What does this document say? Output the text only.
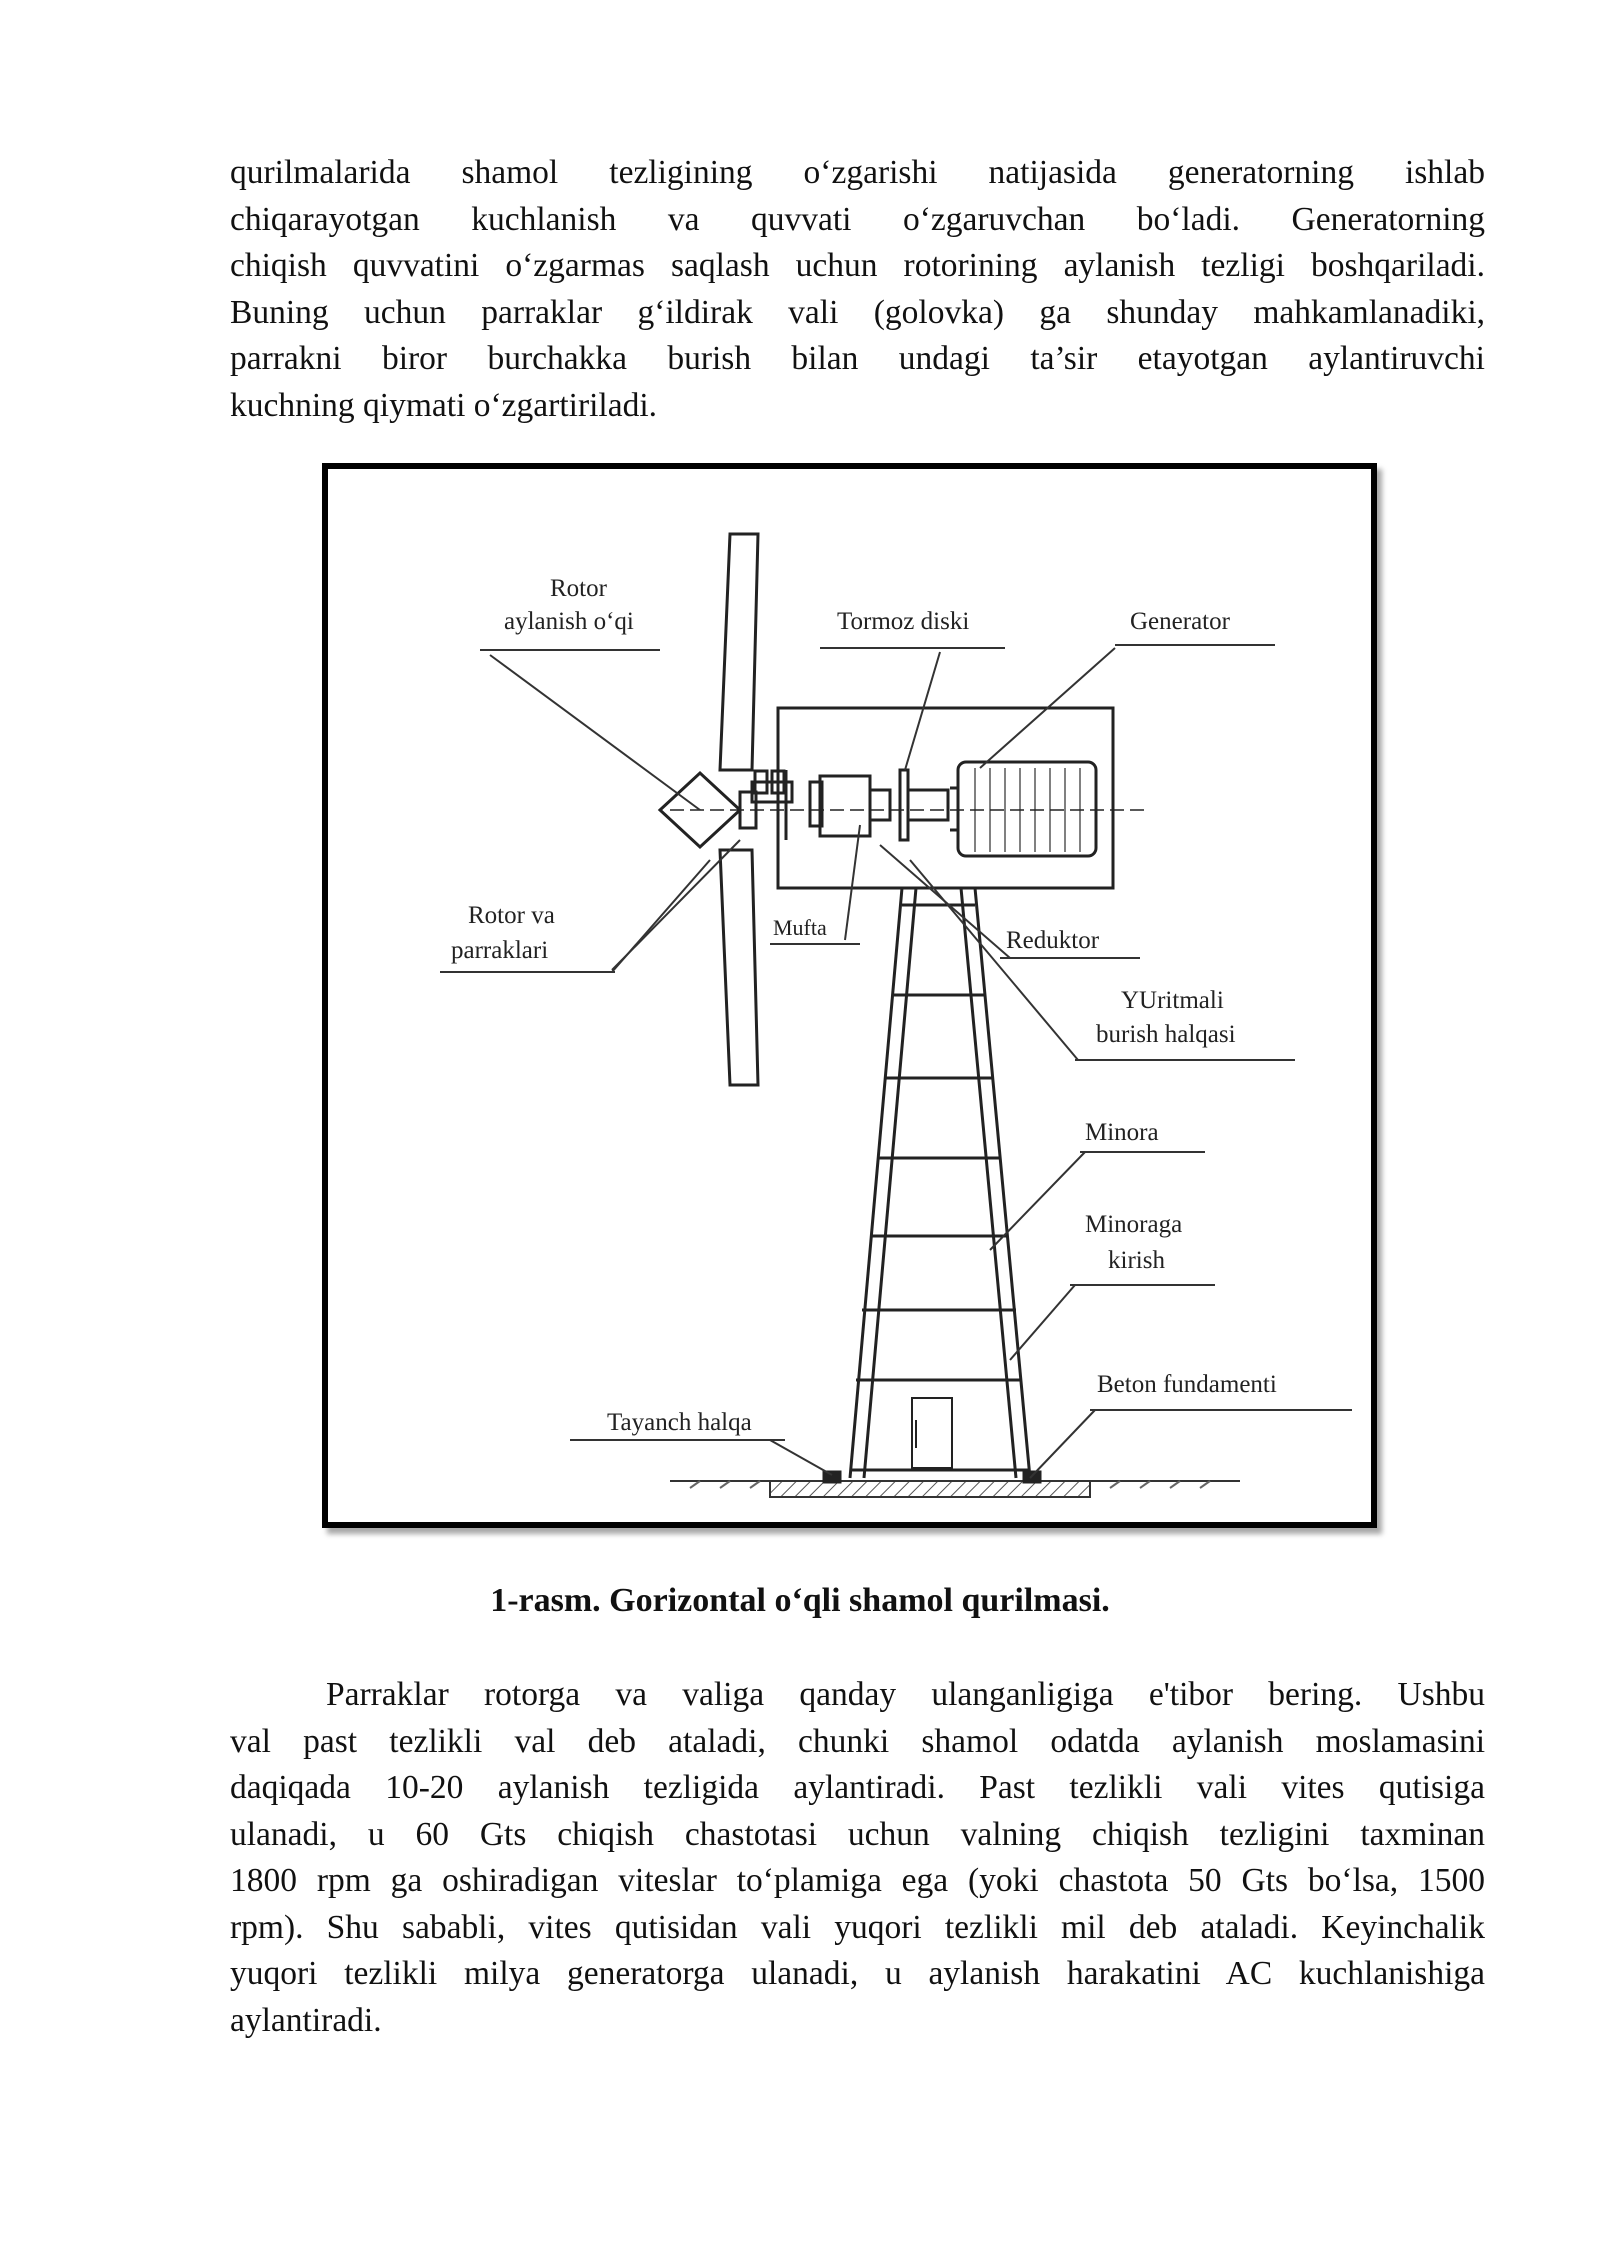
qurilmalarida shamol tezligining o‘zgarishi natijasida generatorning ishlab
chiqarayotgan kuchlanish va quvvati o‘zgaruvchan bo‘ladi. Generatorning
chiqish quvvatini o‘zgarmas saqlash uchun rotorining aylanish tezligi boshqariladi.
Buning uchun parraklar g‘ildirak vali (golovka) ga shunday mahkamlanadiki,
parrakni biror burchakka burish bilan undagi ta’sir etayotgan aylantiruvchi
kuchning qiymati o‘zgartiriladi.
Rotor
aylanish o‘qi	Tormoz diski	Generator
Rotor va
parraklari
Mufta	Reduktor
YUritmali
burish halqasi
Minora
Minoraga
kirish
Beton fundamenti
Tayanch halqa
1-rasm. Gorizontal o‘qli shamol qurilmasi.
Parraklar rotorga va valiga qanday ulanganligiga e'tibor bering. Ushbu
val past tezlikli val deb ataladi, chunki shamol odatda aylanish moslamasini
daqiqada 10-20 aylanish tezligida aylantiradi. Past tezlikli vali vites qutisiga
ulanadi, u 60 Gts chiqish chastotasi uchun valning chiqish tezligini taxminan
1800 rpm ga oshiradigan viteslar to‘plamiga ega (yoki chastota 50 Gts bo‘lsa, 1500
rpm). Shu sababli, vites qutisidan vali yuqori tezlikli mil deb ataladi. Keyinchalik
yuqori tezlikli milya generatorga ulanadi, u aylanish harakatini AC kuchlanishiga
aylantiradi.
